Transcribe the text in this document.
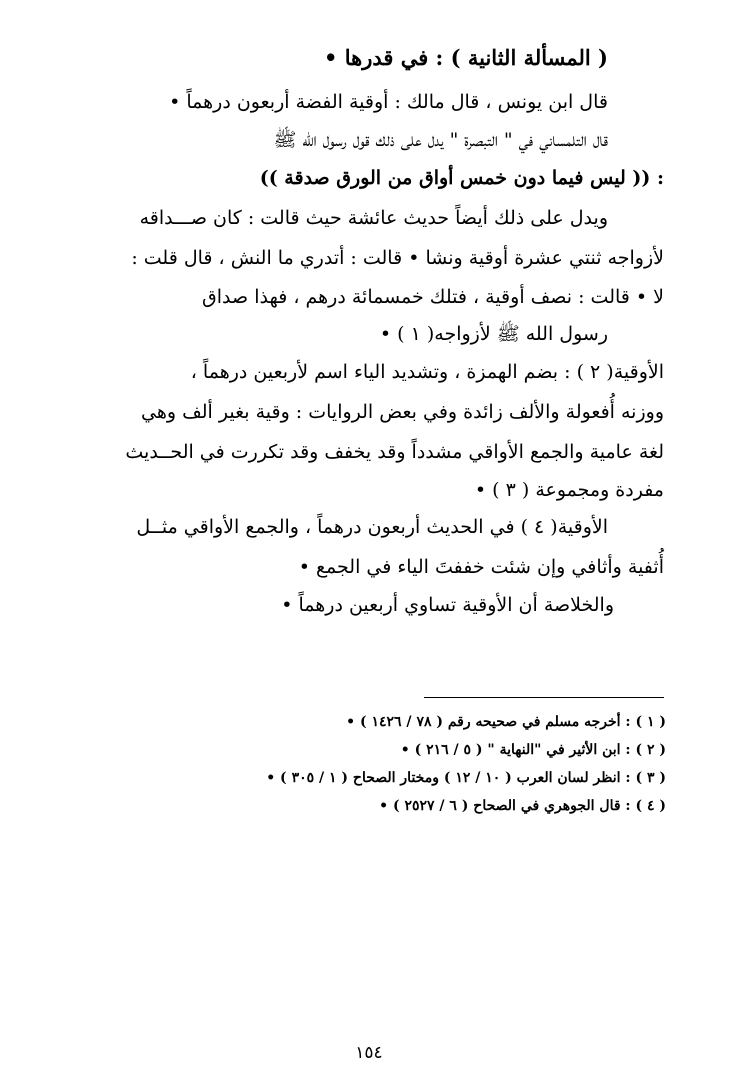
( المسألة الثانية ) : في قدرها •
قال ابن يونس ، قال مالك : أوقية الفضة أربعون درهماً •
قال التلمساني في " التبصرة " يدل على ذلك قول رسول الله ﷺ
: (( ليس فيما دون خمس أواق من الورق صدقة ))
ويدل على ذلك أيضاً حديث عائشة حيث قالت : كان صـــداقه
لأزواجه ثنتي عشرة أوقية ونشا • قالت : أتدري ما النش ، قال قلت :
لا • قالت : نصف أوقية ، فتلك خمسمائة درهم ، فهذا صداق
رسول الله ﷺ لأزواجه( ١ ) •
الأوقية( ٢ ) : بضم الهمزة ، وتشديد الياء اسم لأربعين درهماً ،
ووزنه أُفعولة والألف زائدة وفي بعض الروايات : وقية بغير ألف وهي
لغة عامية والجمع الأواقي مشدداً وقد يخفف وقد تكررت في الحــديث
مفردة ومجموعة ( ٣ ) •
الأوقية( ٤ ) في الحديث أربعون درهماً ، والجمع الأواقي مثــل
أُثفية وأثافي وإن شئت خففتَ الياء في الجمع •
والخلاصة أن الأوقية تساوي أربعين درهماً •
( ١ ) : أخرجه مسلم في صحيحه رقم ( ٧٨ / ١٤٢٦ ) •
( ٢ ) : ابن الأثير في "النهاية " ( ٥ / ٢١٦ ) •
( ٣ ) : انظر لسان العرب ( ١٠ / ١٢ ) ومختار الصحاح ( ١ / ٣٠٥ ) •
( ٤ ) : قال الجوهري في الصحاح ( ٦ / ٢٥٢٧ ) •
١٥٤
